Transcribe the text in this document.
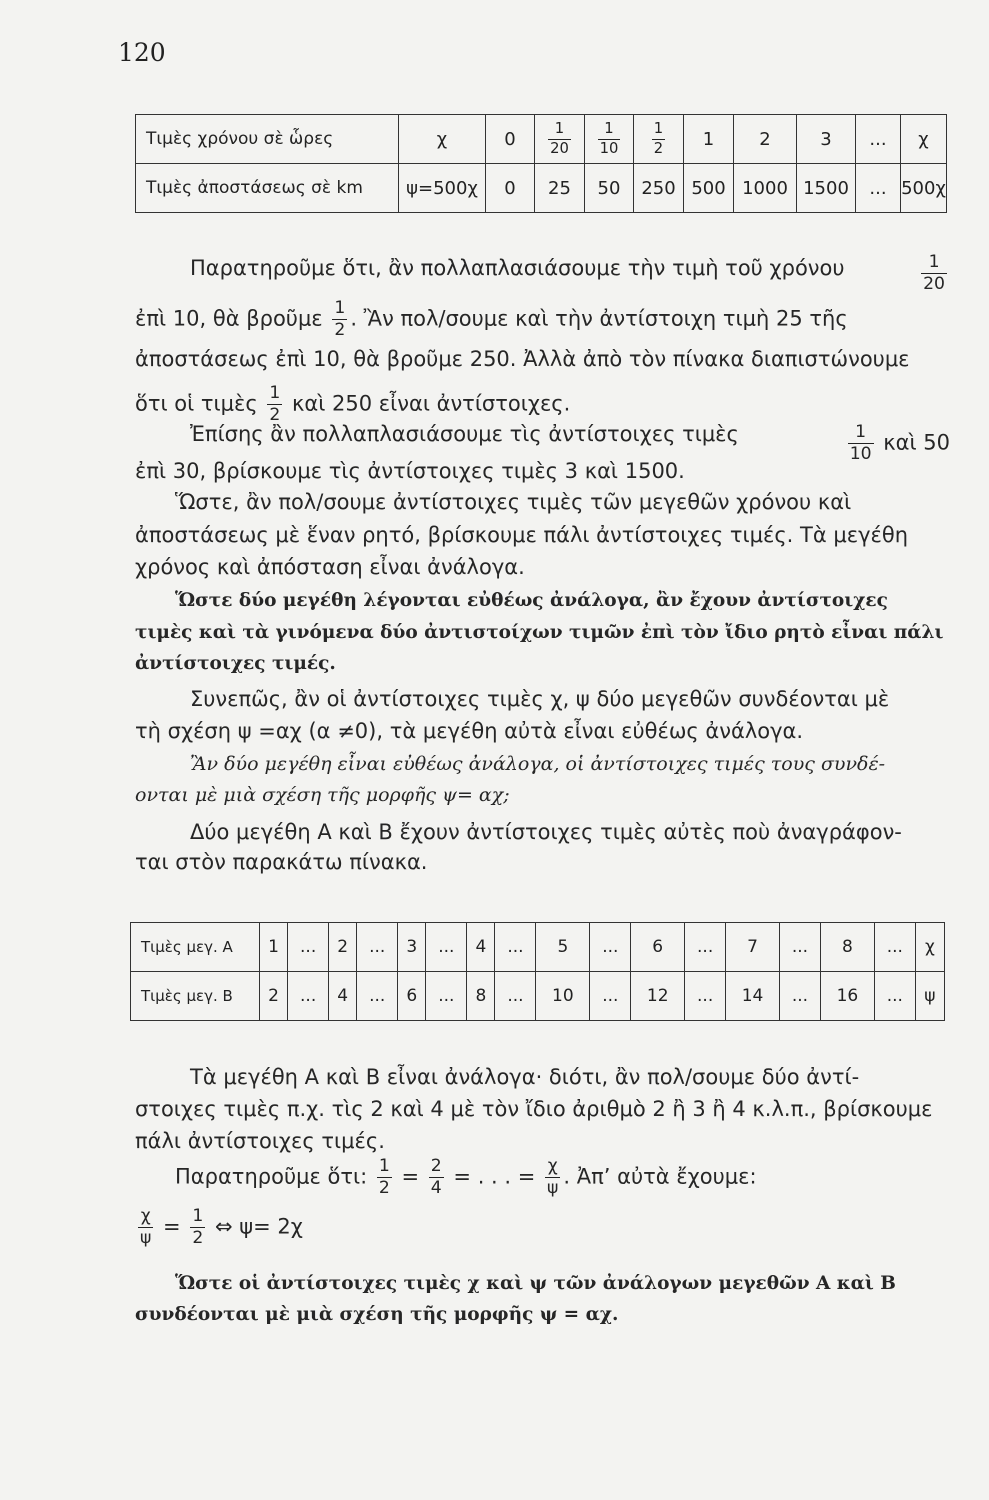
120
Τιμὲς χρόνου σὲ ὧρες	χ	0	$\frac{1}{20}$	$\frac{1}{10}$	$\frac{1}{2}$	1	2	3	...	χ
Τιμὲς ἀποστάσεως σὲ km	ψ=500χ	0	25	50	250	500	1000	1500	...	500χ
Παρατηροῦμε ὅτι, ἂν πολλαπλασιάσουμε τὴν τιμὴ τοῦ χρόνου	$\frac{1}{20}$
ἐπὶ 10, θὰ βροῦμε $\frac{1}{2}$ . Ἂν πολ/σουμε καὶ τὴν ἀντίστοιχη τιμὴ 25 τῆς
ἀποστάσεως ἐπὶ 10, θὰ βροῦμε 250. Ἀλλὰ ἀπὸ τὸν πίνακα διαπιστώνουμε
ὅτι οἱ τιμὲς $\frac{1}{2}$ καὶ 250 εἶναι ἀντίστοιχες.
Ἐπίσης ἂν πολλαπλασιάσουμε τὶς ἀντίστοιχες τιμὲς	$\frac{1}{10}$ καὶ 50
ἐπὶ 30, βρίσκουμε τὶς ἀντίστοιχες τιμὲς 3 καὶ 1500.
Ὥστε, ἂν πολ/σουμε ἀντίστοιχες τιμὲς τῶν μεγεθῶν χρόνου καὶ
ἀποστάσεως μὲ ἕναν ρητό, βρίσκουμε πάλι ἀντίστοιχες τιμές. Τὰ μεγέθη
χρόνος καὶ ἀπόσταση εἶναι ἀνάλογα.
Ὥστε δύο μεγέθη λέγονται εὐθέως ἀνάλογα, ἂν ἔχουν ἀντίστοιχες
τιμὲς καὶ τὰ γινόμενα δύο ἀντιστοίχων τιμῶν ἐπὶ τὸν ἴδιο ρητὸ εἶναι πάλι
ἀντίστοιχες τιμές.
Συνεπῶς, ἂν οἱ ἀντίστοιχες τιμὲς χ, ψ δύο μεγεθῶν συνδέονται μὲ
τὴ σχέση ψ =αχ (α ≠0), τὰ μεγέθη αὐτὰ εἶναι εὐθέως ἀνάλογα.
Ἂν δύο μεγέθη εἶναι εὐθέως ἀνάλογα, οἱ ἀντίστοιχες τιμές τους συνδέ-
ονται μὲ μιὰ σχέση τῆς μορφῆς ψ= αχ;
Δύο μεγέθη Α καὶ Β ἔχουν ἀντίστοιχες τιμὲς αὐτὲς ποὺ ἀναγράφον-
ται στὸν παρακάτω πίνακα.
Τιμὲς μεγ. Α	1	...	2	...	3	...	4	...	5	...	6	...	7	...	8	...	χ
Τιμὲς μεγ. Β	2	...	4	...	6	...	8	...	10	...	12	...	14	...	16	...	ψ
Τὰ μεγέθη Α καὶ Β εἶναι ἀνάλογα· διότι, ἂν πολ/σουμε δύο ἀντί-
στοιχες τιμὲς π.χ. τὶς 2 καὶ 4 μὲ τὸν ἴδιο ἀριθμὸ 2 ἢ 3 ἢ 4 κ.λ.π., βρίσκουμε
πάλι ἀντίστοιχες τιμές.
Παρατηροῦμε ὅτι: $\frac{1}{2} = \frac{2}{4}$ = . . . = $\frac{\chi}{\psi}$ . Ἀπ’ αὐτὰ ἔχουμε:
$\frac{\chi}{\psi} = \frac{1}{2}$ ⇔ ψ= 2χ
Ὥστε οἱ ἀντίστοιχες τιμὲς χ καὶ ψ τῶν ἀνάλογων μεγεθῶν Α καὶ Β
συνδέονται μὲ μιὰ σχέση τῆς μορφῆς ψ = αχ.
